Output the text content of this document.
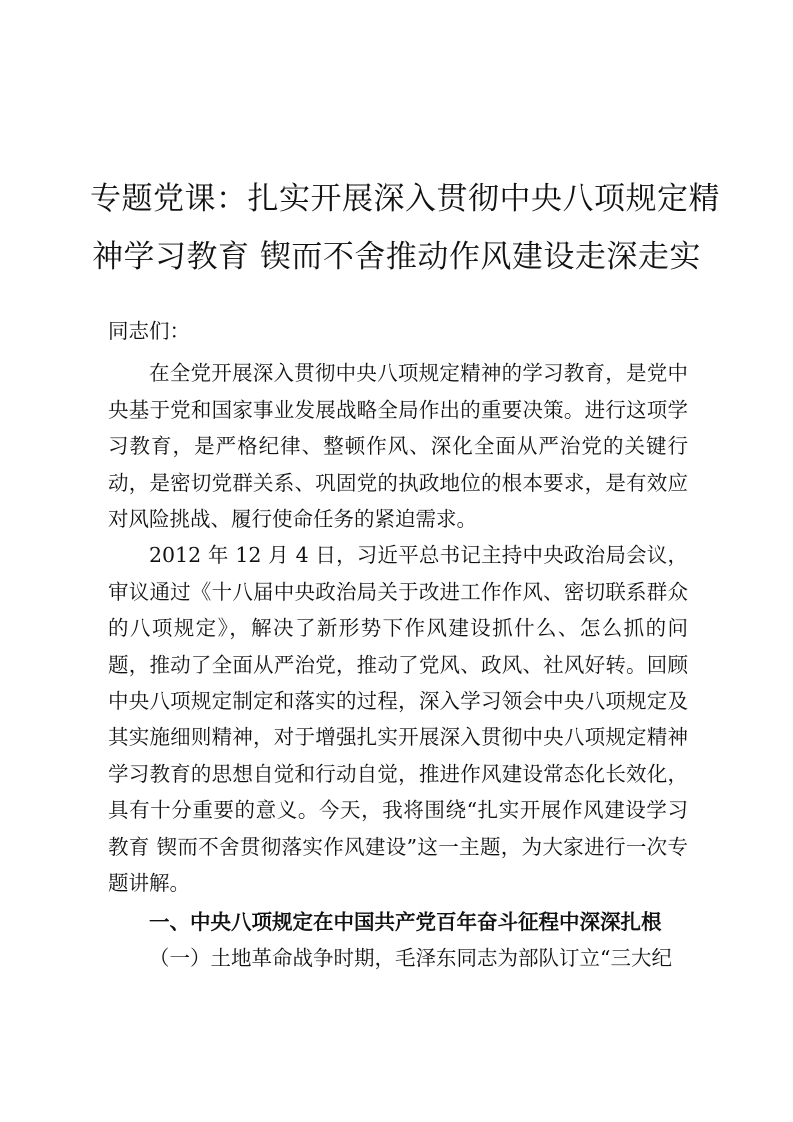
专题党课：扎实开展深入贯彻中央八项规定精
神学习教育 锲而不舍推动作风建设走深走实

同志们：

在全党开展深入贯彻中央八项规定精神的学习教育，是党中央基于党和国家事业发展战略全局作出的重要决策。进行这项学习教育，是严格纪律、整顿作风、深化全面从严治党的关键行动，是密切党群关系、巩固党的执政地位的根本要求，是有效应对风险挑战、履行使命任务的紧迫需求。

2012 年 12 月 4 日，习近平总书记主持中央政治局会议，审议通过《十八届中央政治局关于改进工作作风、密切联系群众的八项规定》，解决了新形势下作风建设抓什么、怎么抓的问题，推动了全面从严治党，推动了党风、政风、社风好转。回顾中央八项规定制定和落实的过程，深入学习领会中央八项规定及其实施细则精神，对于增强扎实开展深入贯彻中央八项规定精神学习教育的思想自觉和行动自觉，推进作风建设常态化长效化，具有十分重要的意义。今天，我将围绕“扎实开展作风建设学习教育 锲而不舍贯彻落实作风建设”这一主题，为大家进行一次专题讲解。

一、中央八项规定在中国共产党百年奋斗征程中深深扎根

（一）土地革命战争时期，毛泽东同志为部队订立“三大纪
